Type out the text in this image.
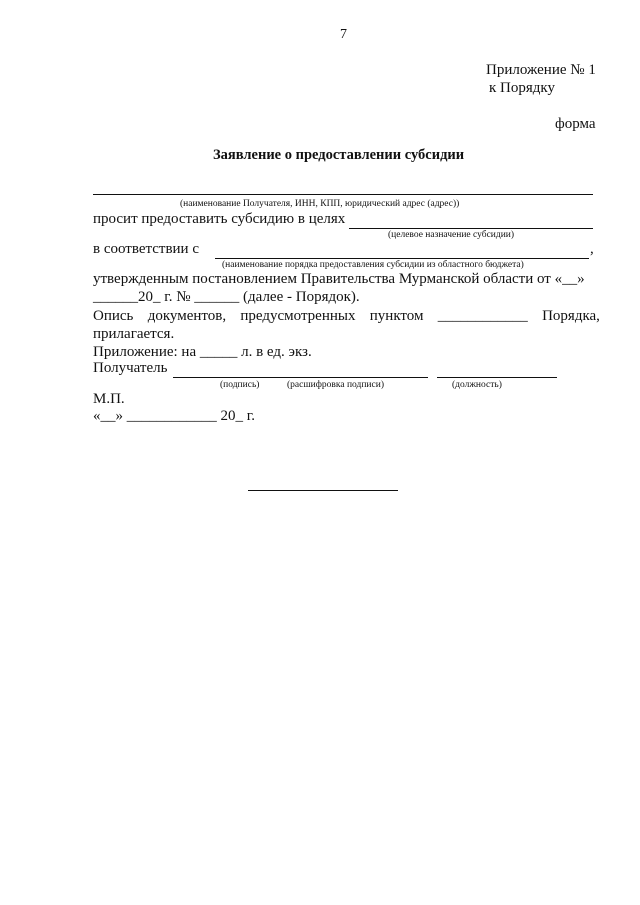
7
Приложение № 1
к Порядку
форма
Заявление о предоставлении субсидии
(наименование Получателя, ИНН, КПП, юридический адрес (адрес))
просит предоставить субсидию в целях
(целевое назначение субсидии)
в соответствии с	,
(наименование порядка предоставления субсидии из областного бюджета)
утвержденным постановлением Правительства Мурманской области от «__»
______20_ г. № ______ (далее - Порядок).
Опись документов, предусмотренных пунктом ____________ Порядка,
прилагается.
Приложение: на _____ л. в ед. экз.
Получатель
(подпись)	(расшифровка подписи)	(должность)
М.П.
«__» ____________ 20_ г.
